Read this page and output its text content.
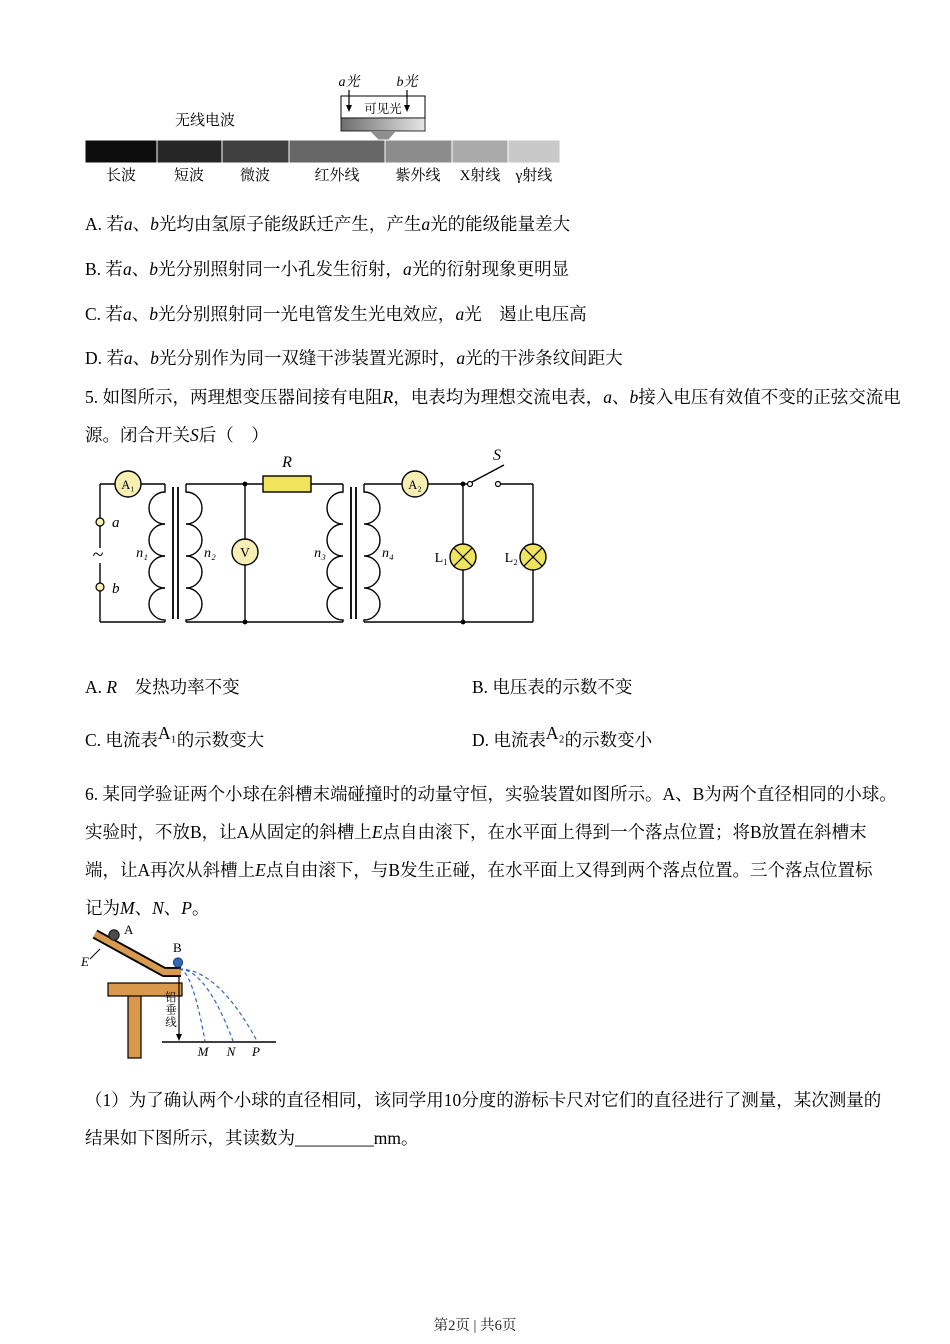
a光	b光
可见光
无线电波
长波	短波 微波	红外线 紫外线 X射线 γ射线
A. 若a、b光均由氢原子能级跃迁产生，产生a光的能级能量差大
B. 若a、b光分别照射同一小孔发生衍射，a光的衍射现象更明显
C. 若a、b光分别照射同一光电管发生光电效应，a光　遏止电压高
D. 若a、b光分别作为同一双缝干涉装置光源时，a光的干涉条纹间距大
5. 如图所示，两理想变压器间接有电阻R，电表均为理想交流电表，a、b接入电压有效值不变的正弦交流电
源。闭合开关S后（　）
~
A₁	A₂
V
a
b
R	S
n₁	n₂	n₃	n₄	L₁	L₂
A. R　发热功率不变	B. 电压表的示数不变
C. 电流表A₁的示数变大	D. 电流表A₂的示数变小
6. 某同学验证两个小球在斜槽末端碰撞时的动量守恒，实验装置如图所示。A、B为两个直径相同的小球。
实验时，不放B，让A从固定的斜槽上E点自由滚下，在水平面上得到一个落点位置；将B放置在斜槽末
端，让A再次从斜槽上E点自由滚下，与B发生正碰，在水平面上又得到两个落点位置。三个落点位置标
记为M、N、P。
A
B
E
M N P
铅垂线
（1）为了确认两个小球的直径相同，该同学用10分度的游标卡尺对它们的直径进行了测量，某次测量的
结果如下图所示，其读数为_________mm。
第2页 | 共6页
